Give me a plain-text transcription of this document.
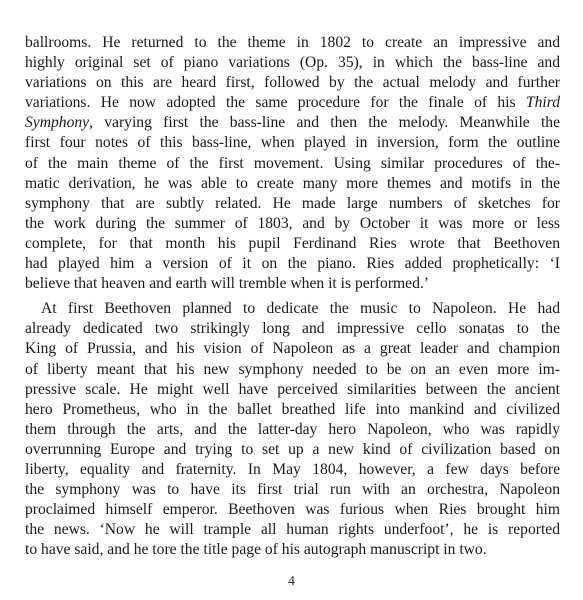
ballrooms. He returned to the theme in 1802 to create an impressive and
highly original set of piano variations (Op. 35), in which the bass-line and
variations on this are heard first, followed by the actual melody and further
variations. He now adopted the same procedure for the finale of his Third
Symphony, varying first the bass-line and then the melody. Meanwhile the
first four notes of this bass-line, when played in inversion, form the outline
of the main theme of the first movement. Using similar procedures of the-
matic derivation, he was able to create many more themes and motifs in the
symphony that are subtly related. He made large numbers of sketches for
the work during the summer of 1803, and by October it was more or less
complete, for that month his pupil Ferdinand Ries wrote that Beethoven
had played him a version of it on the piano. Ries added prophetically: ‘I
believe that heaven and earth will tremble when it is performed.’
At first Beethoven planned to dedicate the music to Napoleon. He had
already dedicated two strikingly long and impressive cello sonatas to the
King of Prussia, and his vision of Napoleon as a great leader and champion
of liberty meant that his new symphony needed to be on an even more im-
pressive scale. He might well have perceived similarities between the ancient
hero Prometheus, who in the ballet breathed life into mankind and civilized
them through the arts, and the latter-day hero Napoleon, who was rapidly
overrunning Europe and trying to set up a new kind of civilization based on
liberty, equality and fraternity. In May 1804, however, a few days before
the symphony was to have its first trial run with an orchestra, Napoleon
proclaimed himself emperor. Beethoven was furious when Ries brought him
the news. ‘Now he will trample all human rights underfoot’, he is reported
to have said, and he tore the title page of his autograph manuscript in two.
4
